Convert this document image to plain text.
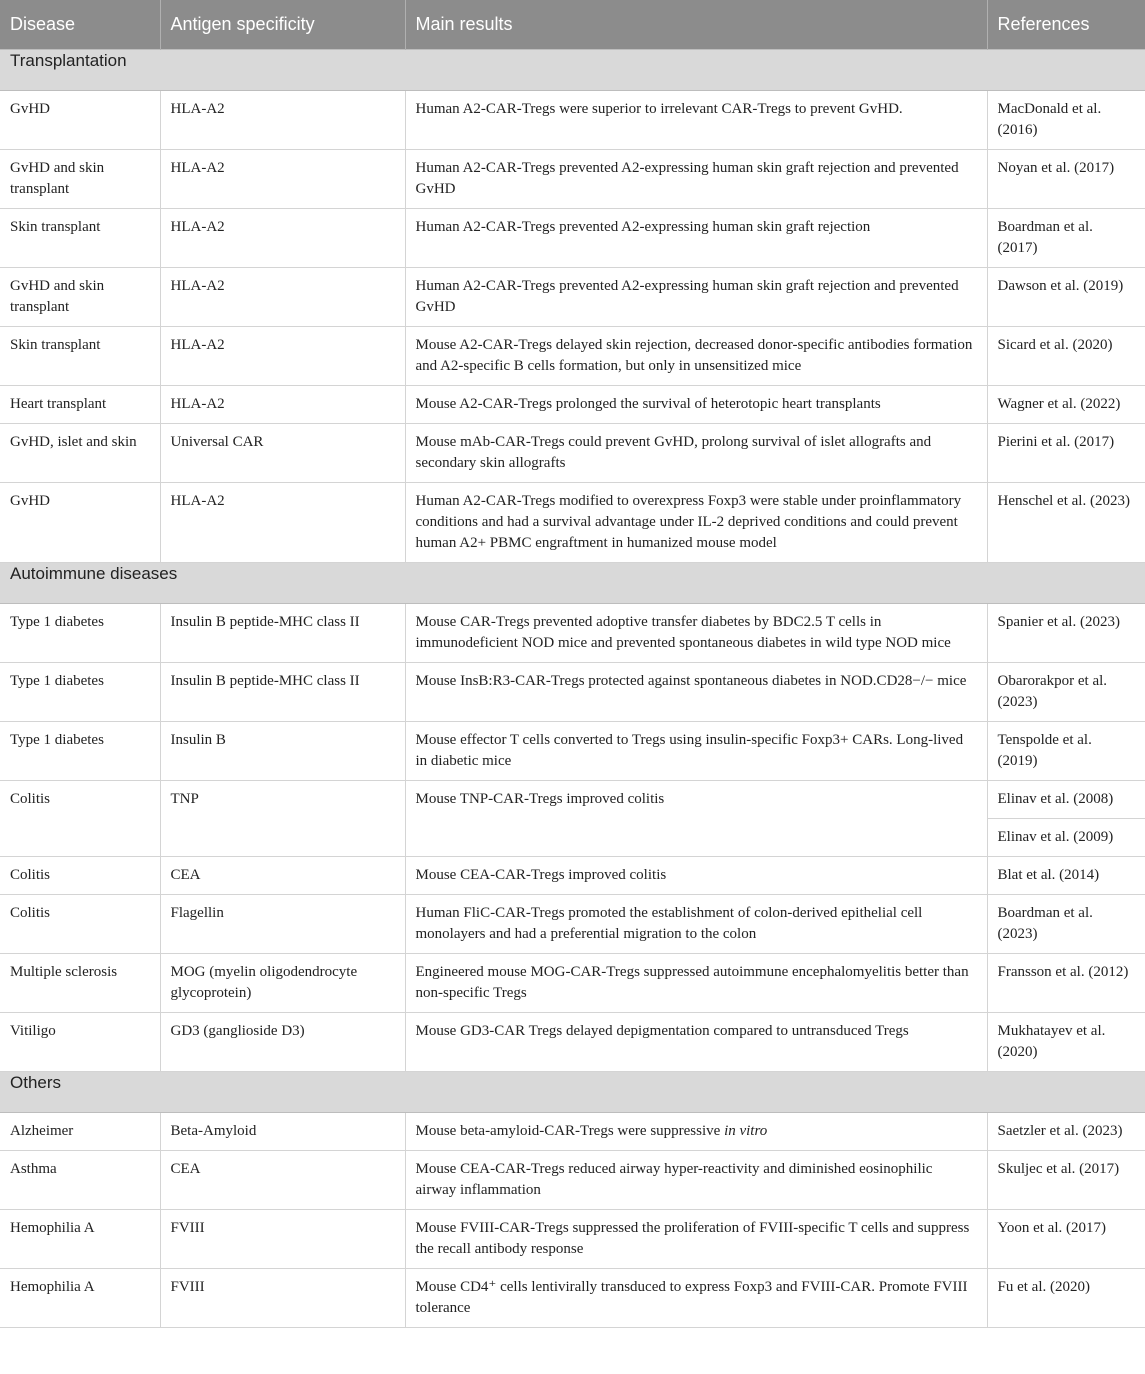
Disease	Antigen specificity	Main results	References
Transplantation			
GvHD	HLA-A2	Human A2-CAR-Tregs were superior to irrelevant CAR-Tregs to prevent GvHD.	MacDonald et al. (2016)
GvHD and skin transplant	HLA-A2	Human A2-CAR-Tregs prevented A2-expressing human skin graft rejection and prevented GvHD	Noyan et al. (2017)
Skin transplant	HLA-A2	Human A2-CAR-Tregs prevented A2-expressing human skin graft rejection	Boardman et al. (2017)
GvHD and skin transplant	HLA-A2	Human A2-CAR-Tregs prevented A2-expressing human skin graft rejection and prevented GvHD	Dawson et al. (2019)
Skin transplant	HLA-A2	Mouse A2-CAR-Tregs delayed skin rejection, decreased donor-specific antibodies formation and A2-specific B cells formation, but only in unsensitized mice	Sicard et al. (2020)
Heart transplant	HLA-A2	Mouse A2-CAR-Tregs prolonged the survival of heterotopic heart transplants	Wagner et al. (2022)
GvHD, islet and skin	Universal CAR	Mouse mAb-CAR-Tregs could prevent GvHD, prolong survival of islet allografts and secondary skin allografts	Pierini et al. (2017)
GvHD	HLA-A2	Human A2-CAR-Tregs modified to overexpress Foxp3 were stable under proinflammatory conditions and had a survival advantage under IL-2 deprived conditions and could prevent human A2+ PBMC engraftment in humanized mouse model	Henschel et al. (2023)
Autoimmune diseases			
Type 1 diabetes	Insulin B peptide-MHC class II	Mouse CAR-Tregs prevented adoptive transfer diabetes by BDC2.5 T cells in immunodeficient NOD mice and prevented spontaneous diabetes in wild type NOD mice	Spanier et al. (2023)
Type 1 diabetes	Insulin B peptide-MHC class II	Mouse InsB:R3-CAR-Tregs protected against spontaneous diabetes in NOD.CD28−/− mice	Obarorakpor et al. (2023)
Type 1 diabetes	Insulin B	Mouse effector T cells converted to Tregs using insulin-specific Foxp3+ CARs. Long-lived in diabetic mice	Tenspolde et al. (2019)
Colitis	TNP	Mouse TNP-CAR-Tregs improved colitis	Elinav et al. (2008)
			Elinav et al. (2009)
Colitis	CEA	Mouse CEA-CAR-Tregs improved colitis	Blat et al. (2014)
Colitis	Flagellin	Human FliC-CAR-Tregs promoted the establishment of colon-derived epithelial cell monolayers and had a preferential migration to the colon	Boardman et al. (2023)
Multiple sclerosis	MOG (myelin oligodendrocyte glycoprotein)	Engineered mouse MOG-CAR-Tregs suppressed autoimmune encephalomyelitis better than non-specific Tregs	Fransson et al. (2012)
Vitiligo	GD3 (ganglioside D3)	Mouse GD3-CAR Tregs delayed depigmentation compared to untransduced Tregs	Mukhatayev et al. (2020)
Others			
Alzheimer	Beta-Amyloid	Mouse beta-amyloid-CAR-Tregs were suppressive in vitro	Saetzler et al. (2023)
Asthma	CEA	Mouse CEA-CAR-Tregs reduced airway hyper-reactivity and diminished eosinophilic airway inflammation	Skuljec et al. (2017)
Hemophilia A	FVIII	Mouse FVIII-CAR-Tregs suppressed the proliferation of FVIII-specific T cells and suppress the recall antibody response	Yoon et al. (2017)
Hemophilia A	FVIII	Mouse CD4⁺ cells lentivirally transduced to express Foxp3 and FVIII-CAR. Promote FVIII tolerance	Fu et al. (2020)
